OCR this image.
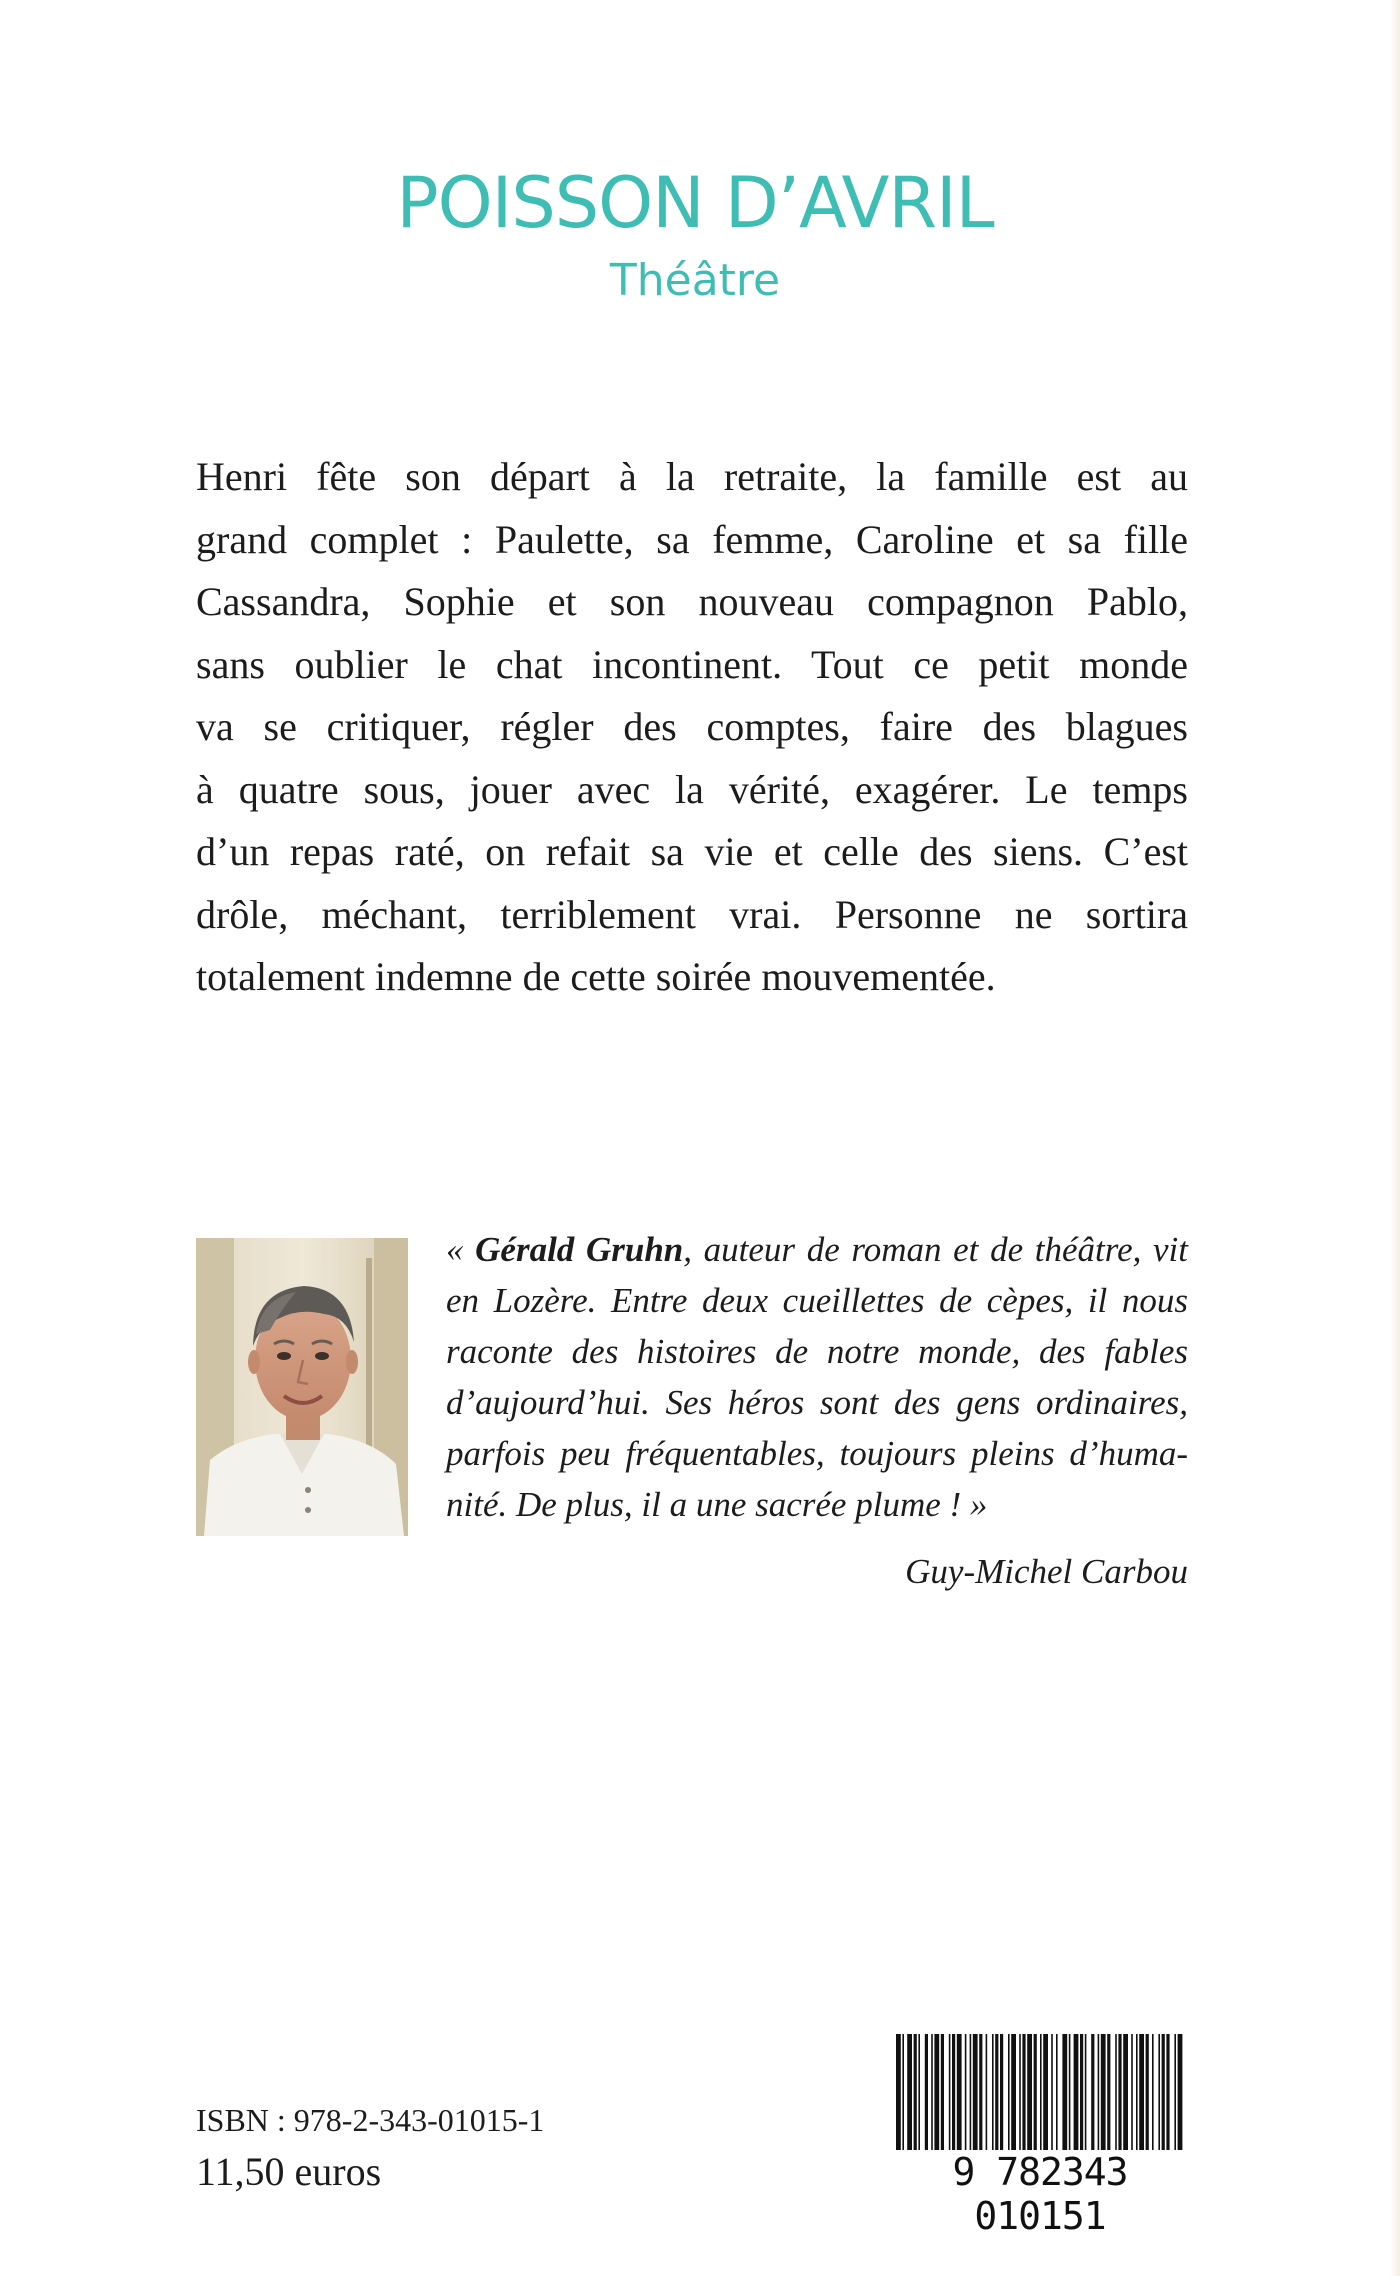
POISSON D’AVRIL
Théâtre

Henri fête son départ à la retraite, la famille est au
grand complet : Paulette, sa femme, Caroline et sa fille
Cassandra, Sophie et son nouveau compagnon Pablo,
sans oublier le chat incontinent. Tout ce petit monde
va se critiquer, régler des comptes, faire des blagues
à quatre sous, jouer avec la vérité, exagérer. Le temps
d’un repas raté, on refait sa vie et celle des siens. C’est
drôle, méchant, terriblement vrai. Personne ne sortira
totalement indemne de cette soirée mouvementée.

« Gérald Gruhn, auteur de roman et de théâtre, vit
en Lozère. Entre deux cueillettes de cèpes, il nous
raconte des histoires de notre monde, des fables
d’aujourd’hui. Ses héros sont des gens ordinaires,
parfois peu fréquentables, toujours pleins d’huma-
nité. De plus, il a une sacrée plume ! »

Guy-Michel Carbou
ISBN : 978-2-343-01015-1
11,50 euros	9 782343 010151
